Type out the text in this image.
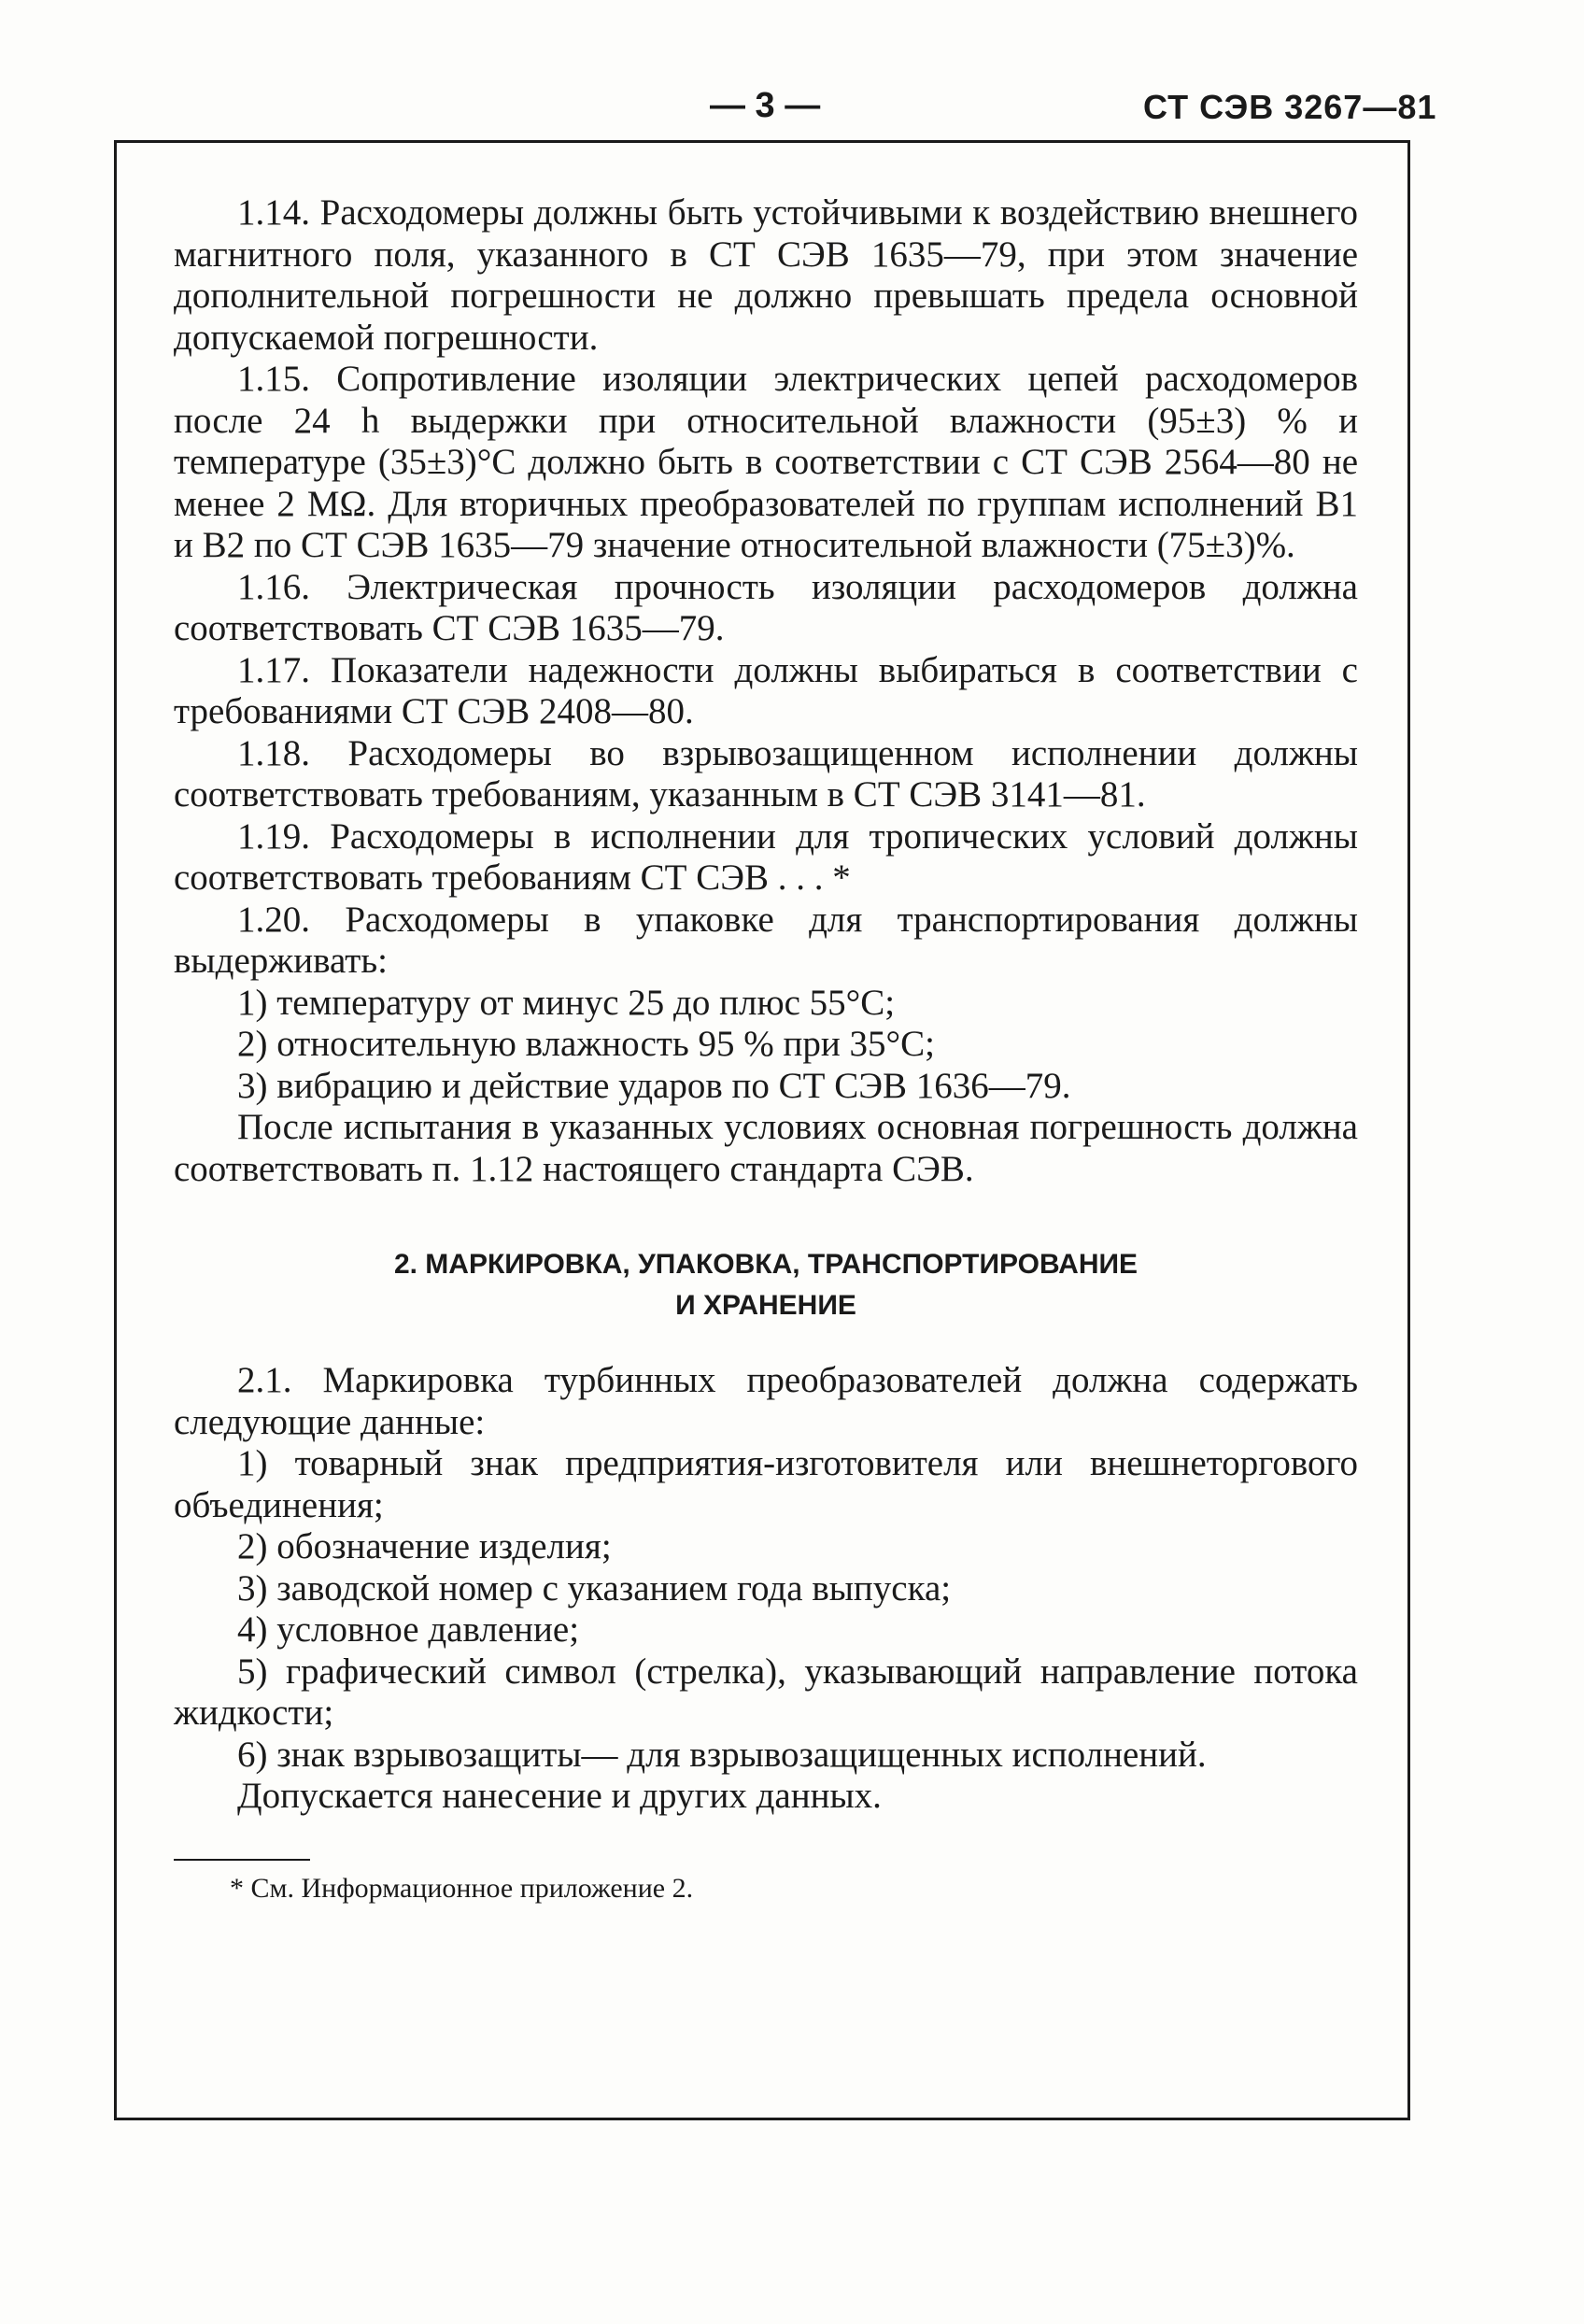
— 3 —	СТ СЭВ 3267—81

1.14. Расходомеры должны быть устойчивыми к воздействию внешнего магнитного поля, указанного в СТ СЭВ 1635—79, при этом значение дополнительной погрешности не должно превышать предела основной допускаемой погрешности.

1.15. Сопротивление изоляции электрических цепей расходомеров после 24 h выдержки при относительной влажности (95±3) % и температуре (35±3)°C должно быть в соответствии с СТ СЭВ 2564—80 не менее 2 MΩ. Для вторичных преобразователей по группам исполнений B1 и B2 по СТ СЭВ 1635—79 значение относительной влажности (75±3)%.

1.16. Электрическая прочность изоляции расходомеров должна соответствовать СТ СЭВ 1635—79.

1.17. Показатели надежности должны выбираться в соответствии с требованиями СТ СЭВ 2408—80.

1.18. Расходомеры во взрывозащищенном исполнении должны соответствовать требованиям, указанным в СТ СЭВ 3141—81.

1.19. Расходомеры в исполнении для тропических условий должны соответствовать требованиям СТ СЭВ . . . *

1.20. Расходомеры в упаковке для транспортирования должны выдерживать:

1) температуру от минус 25 до плюс 55°C;

2) относительную влажность 95 % при 35°C;

3) вибрацию и действие ударов по СТ СЭВ 1636—79.

После испытания в указанных условиях основная погрешность должна соответствовать п. 1.12 настоящего стандарта СЭВ.

2. МАРКИРОВКА, УПАКОВКА, ТРАНСПОРТИРОВАНИЕ
И ХРАНЕНИЕ

2.1. Маркировка турбинных преобразователей должна содержать следующие данные:

1) товарный знак предприятия-изготовителя или внешнеторгового объединения;

2) обозначение изделия;

3) заводской номер с указанием года выпуска;

4) условное давление;

5) графический символ (стрелка), указывающий направление потока жидкости;

6) знак взрывозащиты— для взрывозащищенных исполнений.

Допускается нанесение и других данных.

* См. Информационное приложение 2.
